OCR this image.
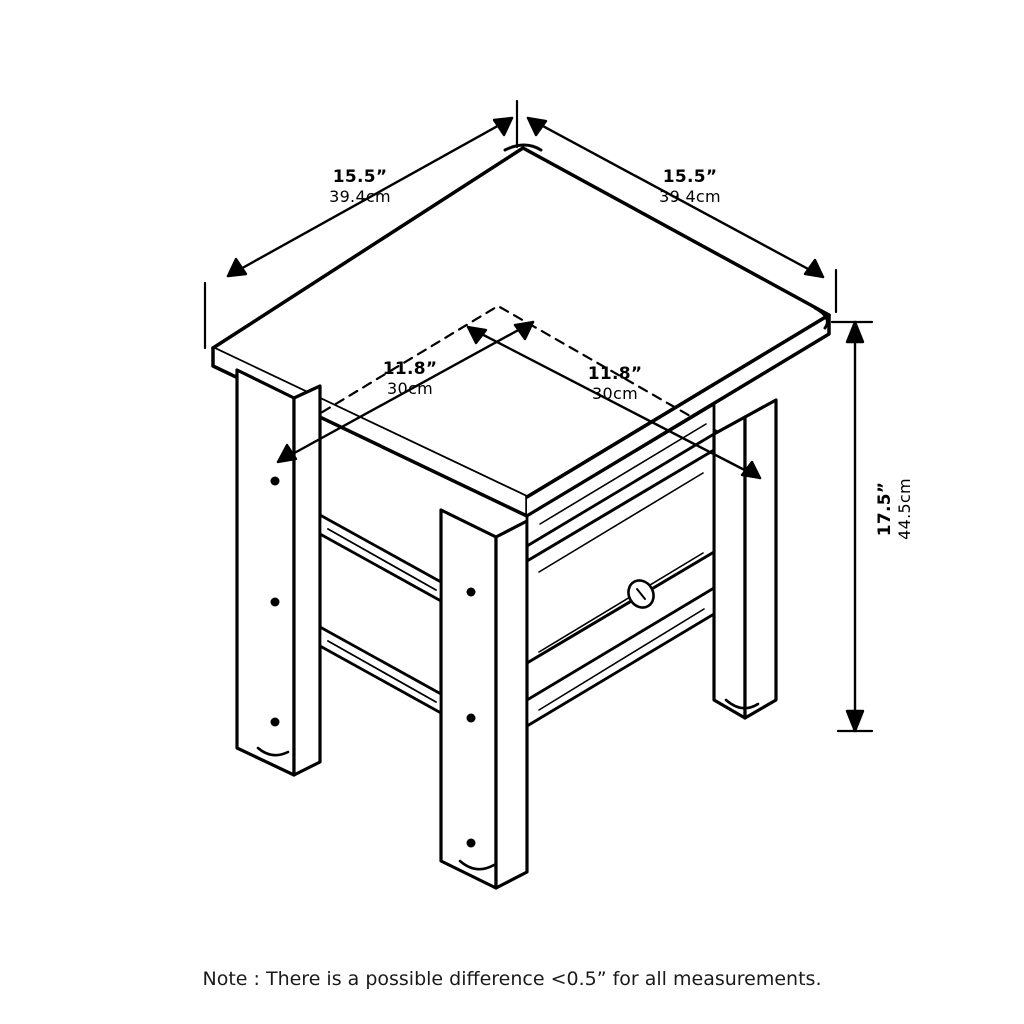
15.5”
39.4cm
15.5”
39.4cm
11.8”
30cm
11.8”
30cm
17.5” 44.5cm
Note : There is a possible difference <0.5” for all measurements.
